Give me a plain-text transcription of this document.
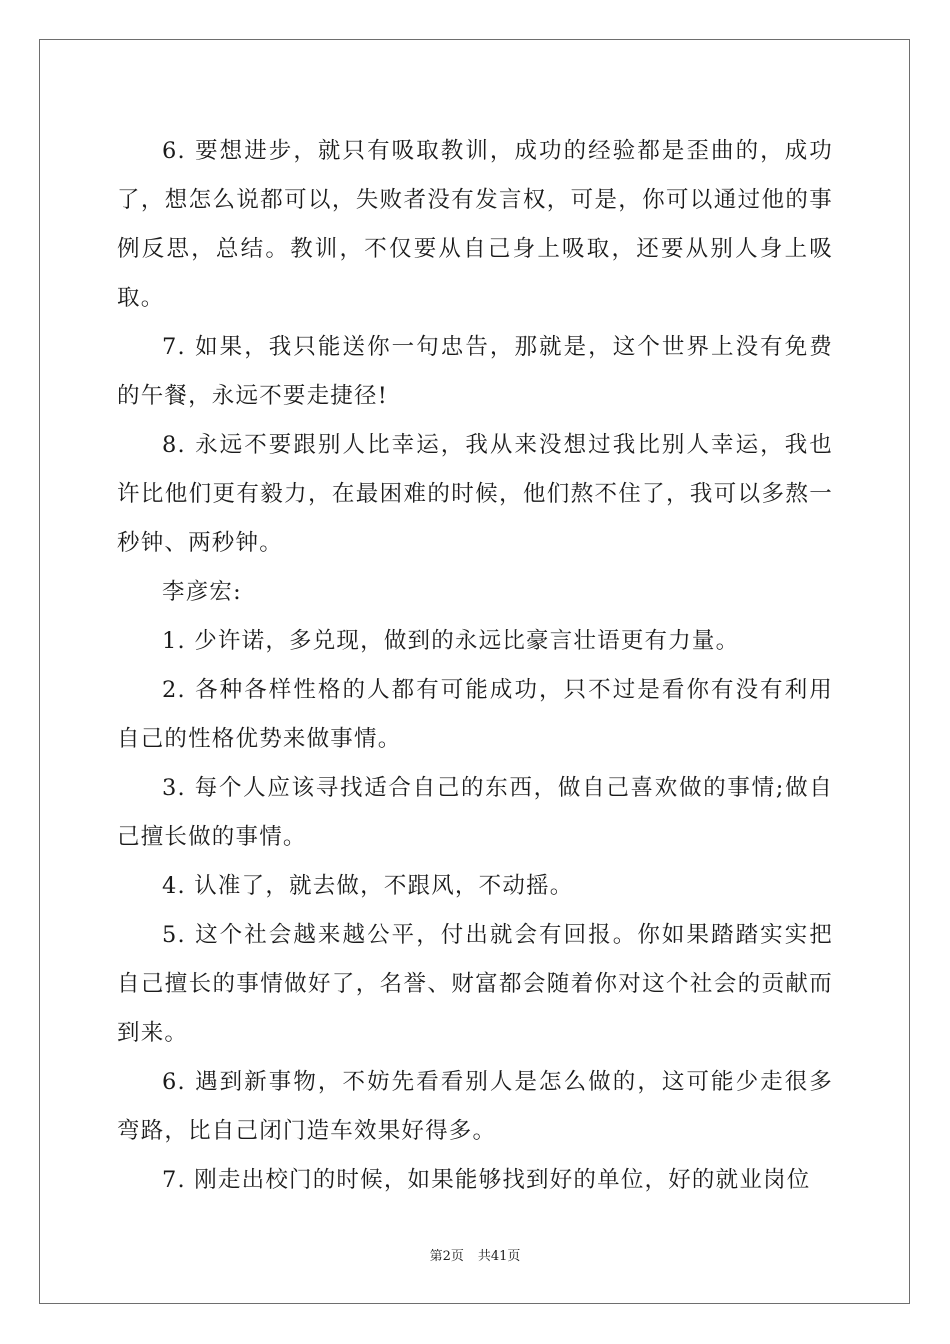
6. 要想进步，就只有吸取教训，成功的经验都是歪曲的，成功了，想怎么说都可以，失败者没有发言权，可是，你可以通过他的事例反思，总结。教训，不仅要从自己身上吸取，还要从别人身上吸取。

7. 如果，我只能送你一句忠告，那就是，这个世界上没有免费的午餐，永远不要走捷径!

8. 永远不要跟别人比幸运，我从来没想过我比别人幸运，我也许比他们更有毅力，在最困难的时候，他们熬不住了，我可以多熬一秒钟、两秒钟。

李彦宏:

1. 少许诺，多兑现，做到的永远比豪言壮语更有力量。

2. 各种各样性格的人都有可能成功，只不过是看你有没有利用自己的性格优势来做事情。

3. 每个人应该寻找适合自己的东西，做自己喜欢做的事情;做自己擅长做的事情。

4. 认准了，就去做，不跟风，不动摇。

5. 这个社会越来越公平，付出就会有回报。你如果踏踏实实把自己擅长的事情做好了，名誉、财富都会随着你对这个社会的贡献而到来。

6. 遇到新事物，不妨先看看别人是怎么做的，这可能少走很多弯路，比自己闭门造车效果好得多。

7. 刚走出校门的时候，如果能够找到好的单位，好的就业岗位

第2页 共41页
